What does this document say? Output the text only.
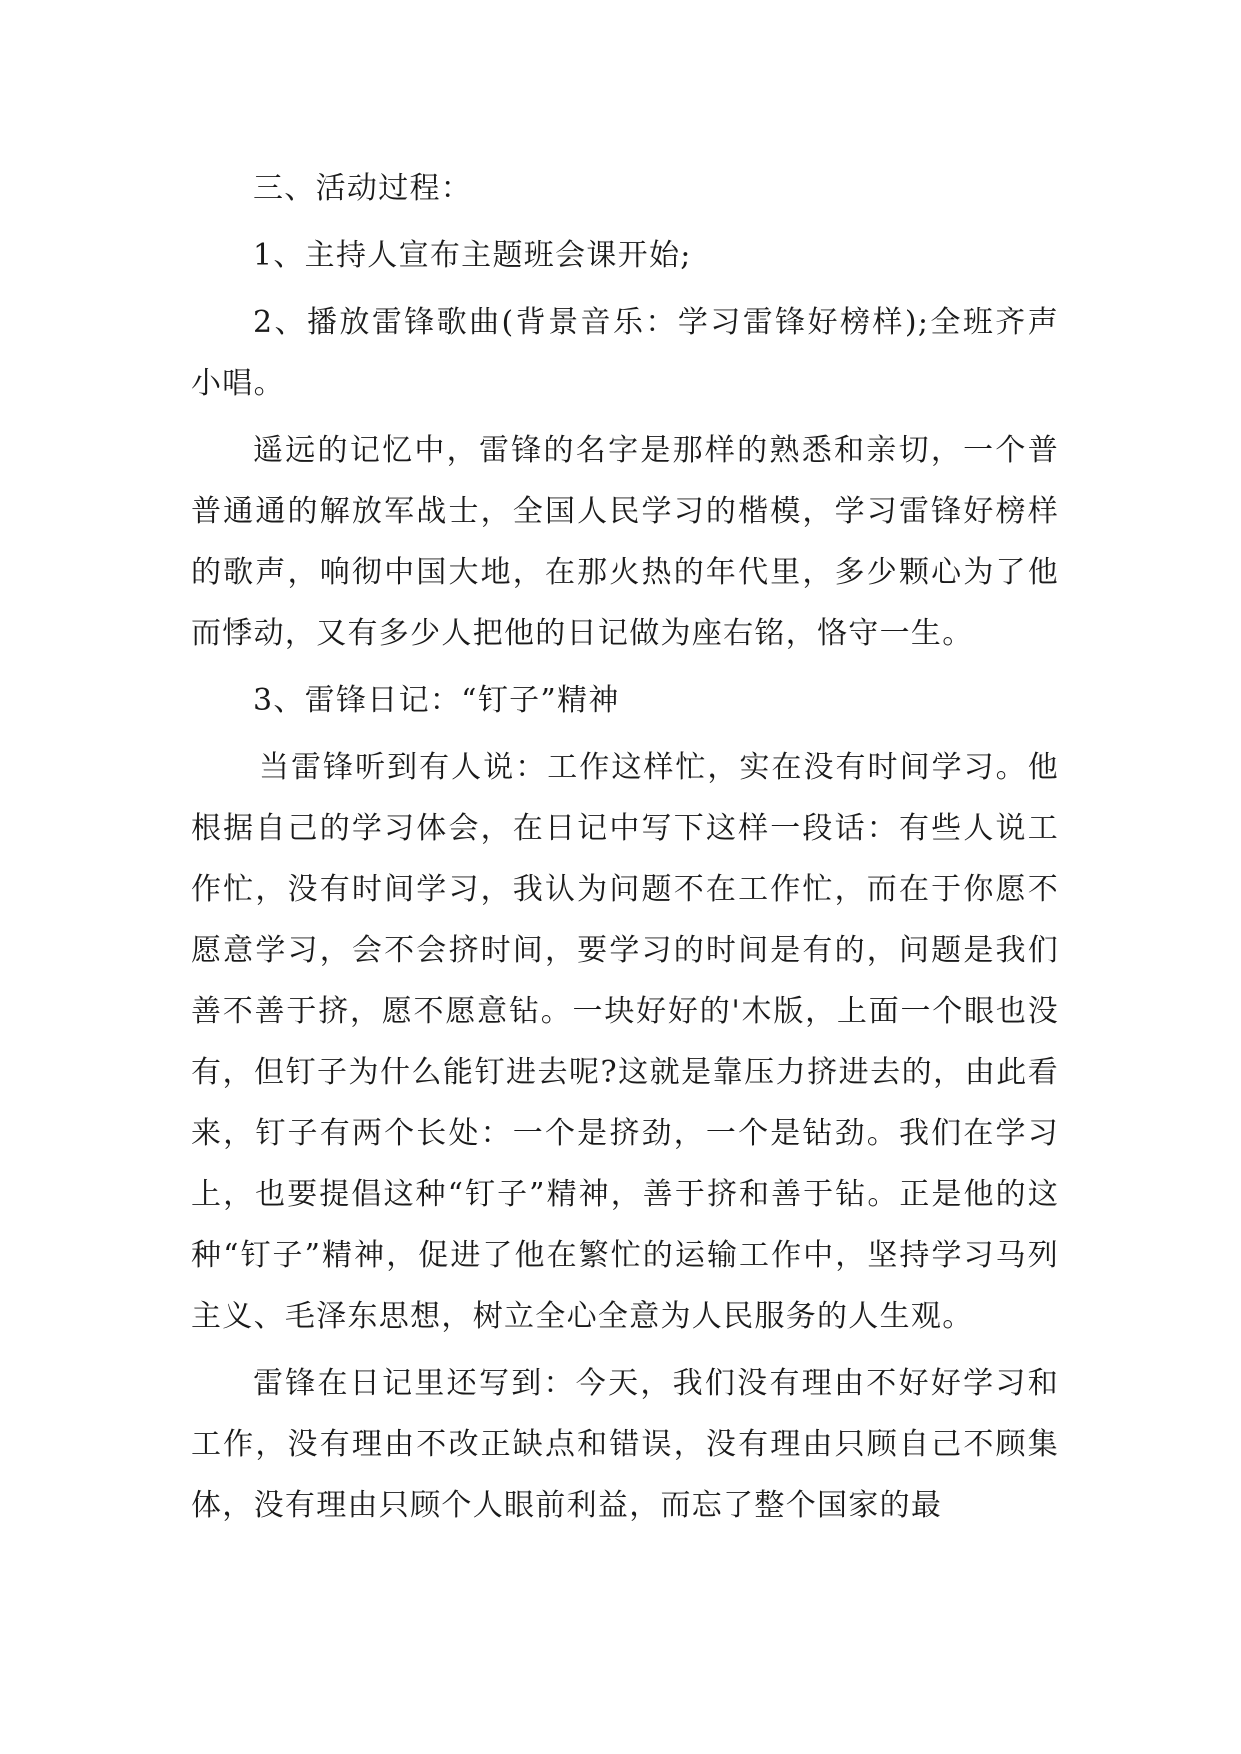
三、活动过程：

1、主持人宣布主题班会课开始;

2、播放雷锋歌曲(背景音乐：学习雷锋好榜样);全班齐声小唱。

遥远的记忆中，雷锋的名字是那样的熟悉和亲切，一个普普通通的解放军战士，全国人民学习的楷模，学习雷锋好榜样的歌声，响彻中国大地，在那火热的年代里，多少颗心为了他而悸动，又有多少人把他的日记做为座右铭，恪守一生。

3、雷锋日记：“钉子”精神

当雷锋听到有人说：工作这样忙，实在没有时间学习。他根据自己的学习体会，在日记中写下这样一段话：有些人说工作忙，没有时间学习，我认为问题不在工作忙，而在于你愿不愿意学习，会不会挤时间，要学习的时间是有的，问题是我们善不善于挤，愿不愿意钻。一块好好的'木版，上面一个眼也没有，但钉子为什么能钉进去呢?这就是靠压力挤进去的，由此看来，钉子有两个长处：一个是挤劲，一个是钻劲。我们在学习上，也要提倡这种“钉子”精神，善于挤和善于钻。正是他的这种“钉子”精神，促进了他在繁忙的运输工作中，坚持学习马列主义、毛泽东思想，树立全心全意为人民服务的人生观。

雷锋在日记里还写到：今天，我们没有理由不好好学习和工作，没有理由不改正缺点和错误，没有理由只顾自己不顾集体，没有理由只顾个人眼前利益，而忘了整个国家的最
